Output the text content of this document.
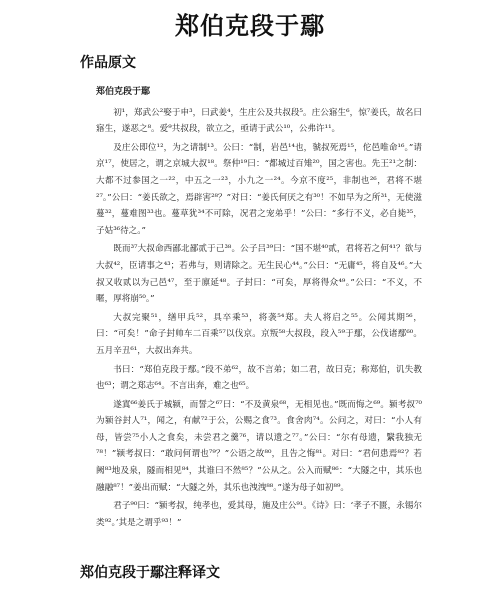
郑伯克段于鄢
作品原文

郑伯克段于鄢

初¹，郑武公²娶于申³，曰武姜⁴，生庄公及共叔段⁵。庄公寤生⁶，惊⁷姜氏，故名曰寤生，遂恶之⁸。爱⁹共叔段，欲立之，亟请于武公¹⁰，公弗许¹¹。

及庄公即位¹²，为之请制¹³。公曰：“制，岩邑¹⁴也，虢叔死焉¹⁵，佗邑唯命¹⁶。”请京¹⁷，使居之，谓之京城大叔¹⁸。祭仲¹⁹曰：“都城过百雉²⁰，国之害也。先王²¹之制：大都不过参国之一²²，中五之一²³，小九之一²⁴。今京不度²⁵，非制也²⁶，君将不堪²⁷。”公曰：“姜氏欲之，焉辟害²⁸？”对曰：“姜氏何厌之有³⁰！不如早为之所³¹，无使滋蔓³²，蔓难图³³也。蔓草犹³⁴不可除，况君之宠弟乎！”公曰：“多行不义，必自毙³⁵，子姑³⁶待之。”

既而³⁷大叔命西鄙北鄙贰于己³⁸。公子吕³⁹曰：“国不堪⁴⁰贰，君将若之何⁴¹？欲与大叔⁴²，臣请事之⁴³；若弗与，则请除之。无生民心⁴⁴。”公曰：“无庸⁴⁵，将自及⁴⁶。”大叔又收贰以为己邑⁴⁷，至于廪延⁴⁸。子封曰：“可矣，厚将得众⁴⁹。”公曰：“不义，不暱，厚将崩⁵⁰。”

大叔完聚⁵¹，缮甲兵⁵²，具卒乘⁵³，将袭⁵⁴郑。夫人将启之⁵⁵。公闻其期⁵⁶，曰：“可矣！”命子封帅车二百乘⁵⁷以伐京。京叛⁵⁸大叔段，段入⁵⁹于鄢，公伐诸鄢⁶⁰。五月辛丑⁶¹，大叔出奔共。

书曰：“郑伯克段于鄢。”段不弟⁶²，故不言弟；如二君，故曰克；称郑伯，讥失教也⁶³；谓之郑志⁶⁴。不言出奔，难之也⁶⁵。

遂寘⁶⁶姜氏于城颍，而誓之⁶⁷曰：“不及黄泉⁶⁸，无相见也。”既而悔之⁶⁹。颍考叔⁷⁰为颍谷封人⁷¹，闻之，有献⁷²于公，公赐之食⁷³。食舍肉⁷⁴。公问之，对曰：“小人有母，皆尝⁷⁵小人之食矣，未尝君之羹⁷⁶，请以遗之⁷⁷。”公曰：“尔有母遗，繄我独无⁷⁸！”颍考叔曰：“敢问何谓也⁷⁹？”公语之故⁸⁰，且告之悔⁸¹。对曰：“君何患焉⁸²？若阙⁸³地及泉，隧而相见⁸⁴，其谁曰不然⁸⁵？”公从之。公入而赋⁸⁶：“大隧之中，其乐也融融⁸⁷！”姜出而赋：“大隧之外，其乐也洩洩⁸⁸。”遂为母子如初⁸⁹。

君子⁹⁰曰：“颍考叔，纯孝也，爱其母，施及庄公⁹¹。《诗》曰：‘孝子不匮，永锡尔类⁹²。’其是之谓乎⁹³！”

郑伯克段于鄢注释译文
